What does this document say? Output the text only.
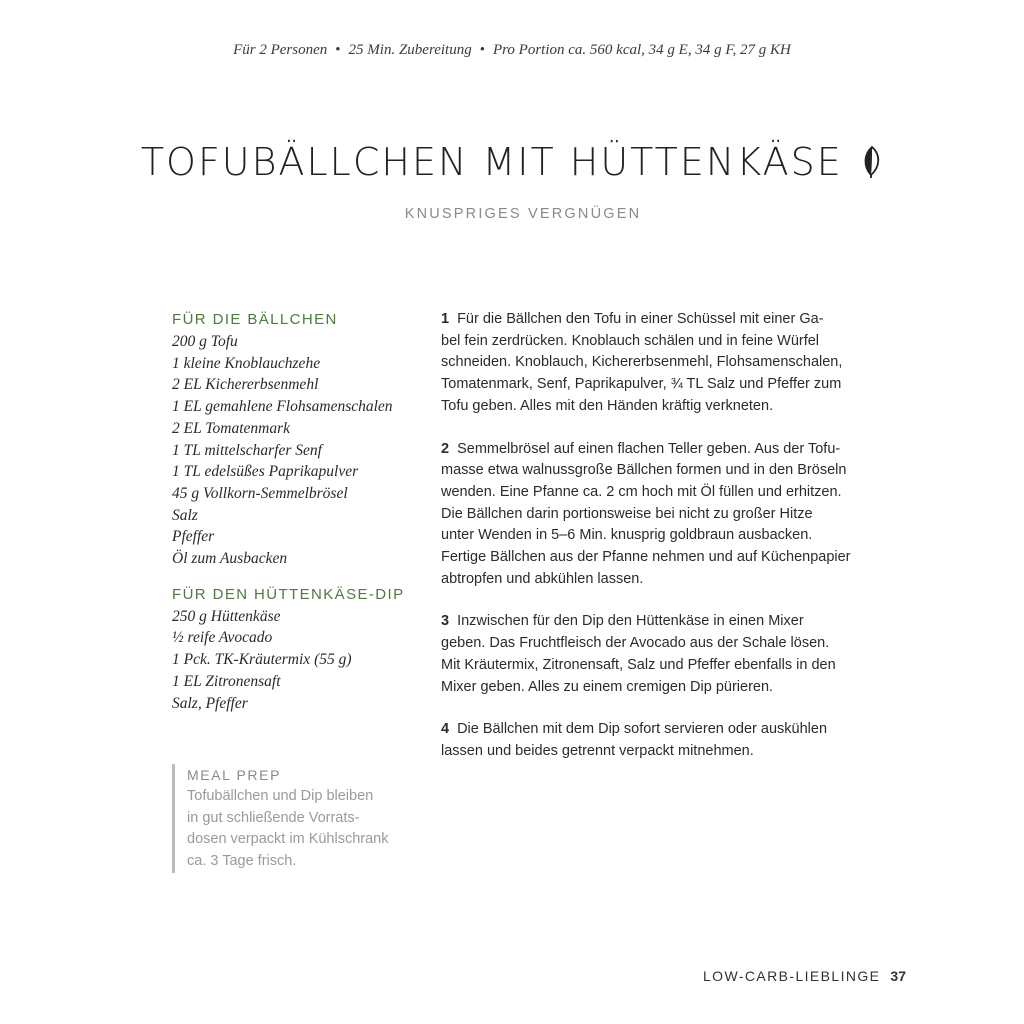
Für 2 Personen • 25 Min. Zubereitung • Pro Portion ca. 560 kcal, 34 g E, 34 g F, 27 g KH
TOFUBÄLLCHEN MIT HÜTTENKÄSE
KNUSPRIGES VERGNÜGEN
FÜR DIE BÄLLCHEN
200 g Tofu
1 kleine Knoblauchzehe
2 EL Kichererbsenmehl
1 EL gemahlene Flohsamenschalen
2 EL Tomatenmark
1 TL mittelscharfer Senf
1 TL edelsüßes Paprikapulver
45 g Vollkorn-Semmelbrösel
Salz
Pfeffer
Öl zum Ausbacken
FÜR DEN HÜTTENKÄSE-DIP
250 g Hüttenkäse
½ reife Avocado
1 Pck. TK-Kräutermix (55 g)
1 EL Zitronensaft
Salz, Pfeffer
MEAL PREP
Tofubällchen und Dip bleiben
in gut schließende Vorrats-
dosen verpackt im Kühlschrank
ca. 3 Tage frisch.
1 Für die Bällchen den Tofu in einer Schüssel mit einer Ga-
bel fein zerdrücken. Knoblauch schälen und in feine Würfel
schneiden. Knoblauch, Kichererbsenmehl, Flohsamenschalen,
Tomatenmark, Senf, Paprikapulver, ¾ TL Salz und Pfeffer zum
Tofu geben. Alles mit den Händen kräftig verkneten.
2 Semmelbrösel auf einen flachen Teller geben. Aus der Tofu-
masse etwa walnussgroße Bällchen formen und in den Bröseln
wenden. Eine Pfanne ca. 2 cm hoch mit Öl füllen und erhitzen.
Die Bällchen darin portionsweise bei nicht zu großer Hitze
unter Wenden in 5–6 Min. knusprig goldbraun ausbacken.
Fertige Bällchen aus der Pfanne nehmen und auf Küchenpapier
abtropfen und abkühlen lassen.
3 Inzwischen für den Dip den Hüttenkäse in einen Mixer
geben. Das Fruchtfleisch der Avocado aus der Schale lösen.
Mit Kräutermix, Zitronensaft, Salz und Pfeffer ebenfalls in den
Mixer geben. Alles zu einem cremigen Dip pürieren.
4 Die Bällchen mit dem Dip sofort servieren oder auskühlen
lassen und beides getrennt verpackt mitnehmen.
LOW-CARB-LIEBLINGE 37
